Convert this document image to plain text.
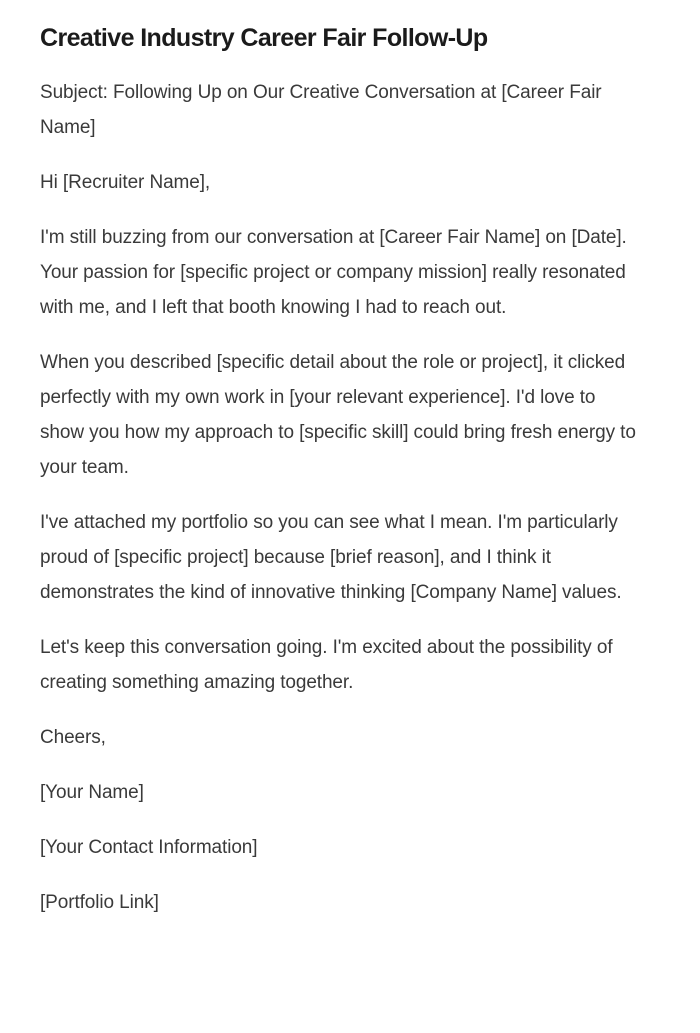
Creative Industry Career Fair Follow-Up

Subject: Following Up on Our Creative Conversation at [Career Fair Name]

Hi [Recruiter Name],

I'm still buzzing from our conversation at [Career Fair Name] on [Date]. Your passion for [specific project or company mission] really resonated with me, and I left that booth knowing I had to reach out.

When you described [specific detail about the role or project], it clicked perfectly with my own work in [your relevant experience]. I'd love to show you how my approach to [specific skill] could bring fresh energy to your team.

I've attached my portfolio so you can see what I mean. I'm particularly proud of [specific project] because [brief reason], and I think it demonstrates the kind of innovative thinking [Company Name] values.

Let's keep this conversation going. I'm excited about the possibility of creating something amazing together.

Cheers,

[Your Name]

[Your Contact Information]

[Portfolio Link]
